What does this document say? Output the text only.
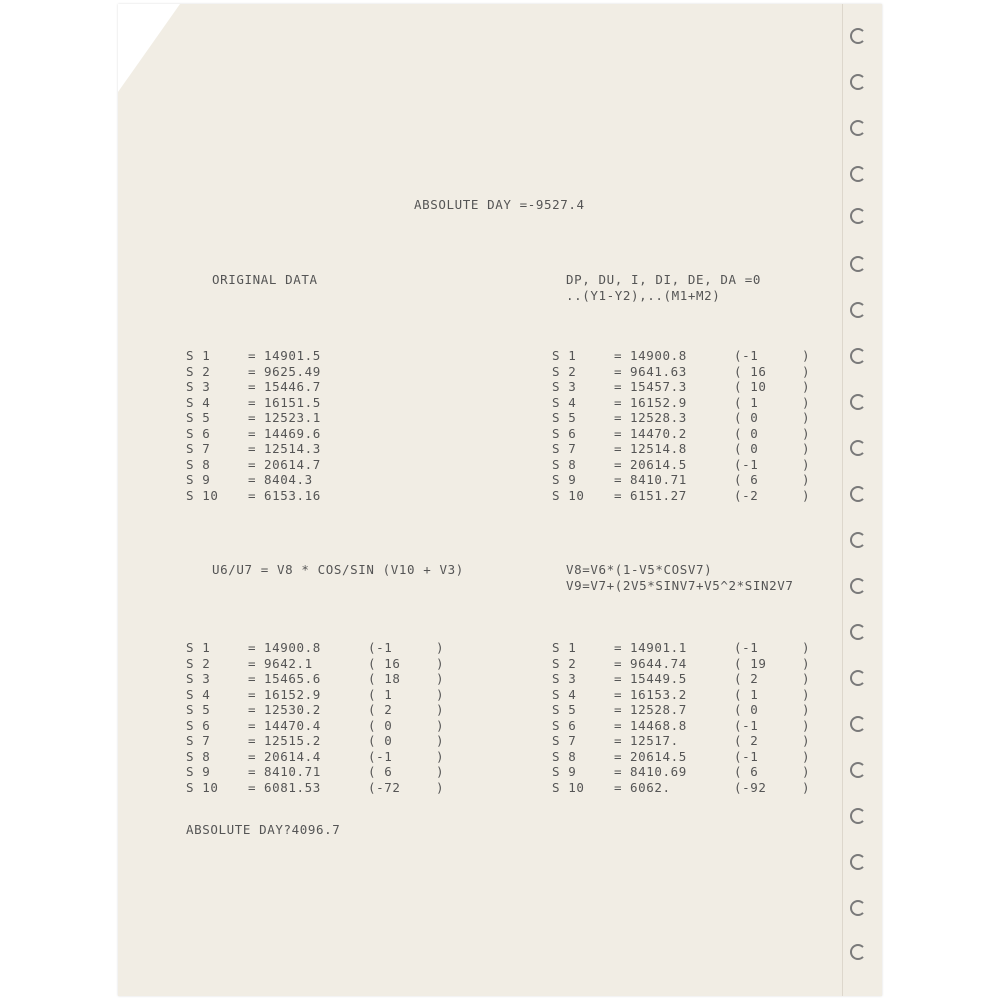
ABSOLUTE DAY =-9527.4
ORIGINAL DATA	DP, DU, I, DI, DE, DA =0
..(Y1-Y2),..(M1+M2)
S 1	= 14901.5
S 2	= 9625.49
S 3	= 15446.7
S 4	= 16151.5
S 5	= 12523.1
S 6	= 14469.6
S 7	= 12514.3
S 8	= 20614.7
S 9	= 8404.3
S 10 = 6153.16
S 1	= 14900.8	(-1	)
S 2	= 9641.63	( 16	)
S 3	= 15457.3	( 10	)
S 4	= 16152.9	( 1	)
S 5	= 12528.3	( 0	)
S 6	= 14470.2	( 0	)
S 7	= 12514.8	( 0	)
S 8	= 20614.5	(-1	)
S 9	= 8410.71	( 6	)
S 10 = 6151.27	(-2	)
U6/U7 = V8 * COS/SIN (V10 + V3)	V8=V6*(1-V5*COSV7)
V9=V7+(2V5*SINV7+V5^2*SIN2V7
S 1	= 14900.8	(-1	)
S 2	= 9642.1	( 16	)
S 3	= 15465.6	( 18	)
S 4	= 16152.9	( 1	)
S 5	= 12530.2	( 2	)
S 6	= 14470.4	( 0	)
S 7	= 12515.2	( 0	)
S 8	= 20614.4	(-1	)
S 9	= 8410.71	( 6	)
S 10 = 6081.53	(-72	)
S 1	= 14901.1	(-1	)
S 2	= 9644.74	( 19	)
S 3	= 15449.5	( 2	)
S 4	= 16153.2	( 1	)
S 5	= 12528.7	( 0	)
S 6	= 14468.8	(-1	)
S 7	= 12517.	( 2	)
S 8	= 20614.5	(-1	)
S 9	= 8410.69	( 6	)
S 10 = 6062.	(-92	)
ABSOLUTE DAY?4096.7
